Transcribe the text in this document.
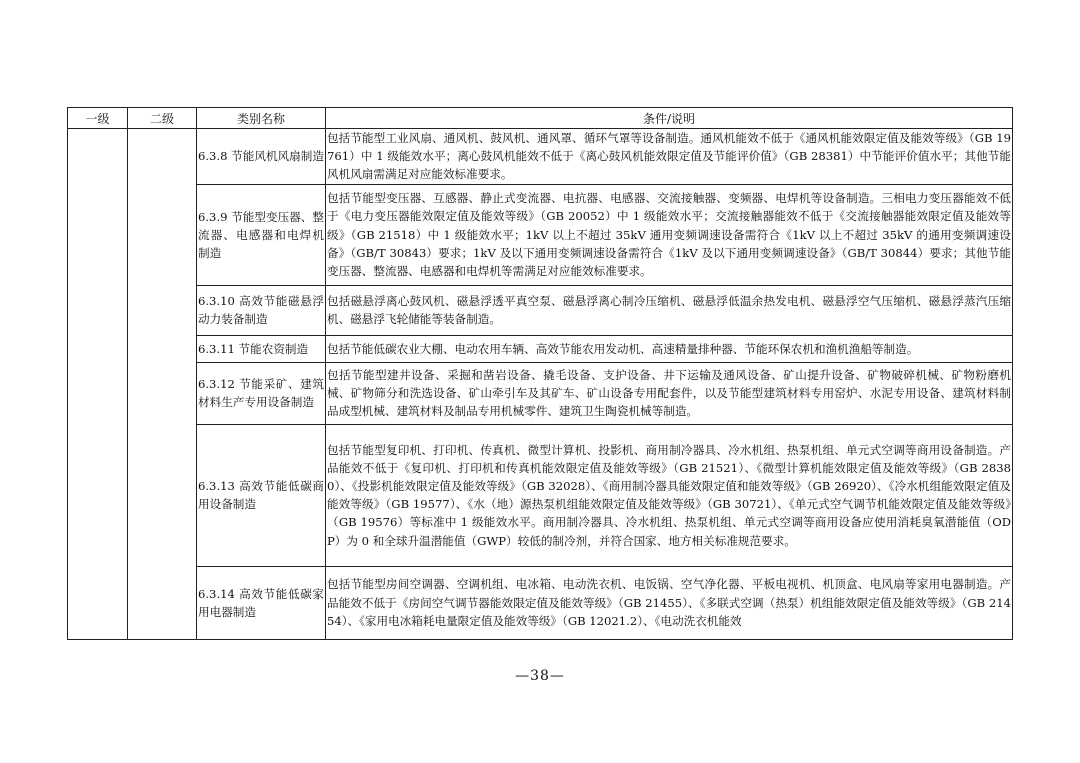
一级	二级	类别名称	条件/说明
		6.3.8 节能风机风扇制造	包括节能型工业风扇、通风机、鼓风机、通风罩、循环气罩等设备制造。通风机能效不低于《通风机能效限定值及能效等级》（GB 19761）中 1 级能效水平；离心鼓风机能效不低于《离心鼓风机能效限定值及节能评价值》（GB 28381）中节能评价值水平；其他节能风机风扇需满足对应能效标准要求。
		6.3.9 节能型变压器、整流器、电感器和电焊机制造	包括节能型变压器、互感器、静止式变流器、电抗器、电感器、交流接触器、变频器、电焊机等设备制造。三相电力变压器能效不低于《电力变压器能效限定值及能效等级》（GB 20052）中 1 级能效水平；交流接触器能效不低于《交流接触器能效限定值及能效等级》（GB 21518）中 1 级能效水平；1kV 以上不超过 35kV 通用变频调速设备需符合《1kV 以上不超过 35kV 的通用变频调速设备》（GB/T 30843）要求；1kV 及以下通用变频调速设备需符合《1kV 及以下通用变频调速设备》（GB/T 30844）要求；其他节能变压器、整流器、电感器和电焊机等需满足对应能效标准要求。
		6.3.10 高效节能磁悬浮动力装备制造	包括磁悬浮离心鼓风机、磁悬浮透平真空泵、磁悬浮离心制冷压缩机、磁悬浮低温余热发电机、磁悬浮空气压缩机、磁悬浮蒸汽压缩机、磁悬浮飞轮储能等装备制造。
		6.3.11 节能农资制造	包括节能低碳农业大棚、电动农用车辆、高效节能农用发动机、高速精量排种器、节能环保农机和渔机渔船等制造。
		6.3.12 节能采矿、建筑材料生产专用设备制造	包括节能型建井设备、采掘和凿岩设备、撬毛设备、支护设备、井下运输及通风设备、矿山提升设备、矿物破碎机械、矿物粉磨机械、矿物筛分和洗选设备、矿山牵引车及其矿车、矿山设备专用配套件，以及节能型建筑材料专用窑炉、水泥专用设备、建筑材料制品成型机械、建筑材料及制品专用机械零件、建筑卫生陶瓷机械等制造。
		6.3.13 高效节能低碳商用设备制造	包括节能型复印机、打印机、传真机、微型计算机、投影机、商用制冷器具、冷水机组、热泵机组、单元式空调等商用设备制造。产品能效不低于《复印机、打印机和传真机能效限定值及能效等级》（GB 21521）、《微型计算机能效限定值及能效等级》（GB 28380）、《投影机能效限定值及能效等级》（GB 32028）、《商用制冷器具能效限定值和能效等级》（GB 26920）、《冷水机组能效限定值及能效等级》（GB 19577）、《水（地）源热泵机组能效限定值及能效等级》（GB 30721）、《单元式空气调节机能效限定值及能效等级》（GB 19576）等标准中 1 级能效水平。商用制冷器具、冷水机组、热泵机组、单元式空调等商用设备应使用消耗臭氧潜能值（ODP）为 0 和全球升温潜能值（GWP）较低的制冷剂，并符合国家、地方相关标准规范要求。
		6.3.14 高效节能低碳家用电器制造	包括节能型房间空调器、空调机组、电冰箱、电动洗衣机、电饭锅、空气净化器、平板电视机、机顶盒、电风扇等家用电器制造。产品能效不低于《房间空气调节器能效限定值及能效等级》（GB 21455）、《多联式空调（热泵）机组能效限定值及能效等级》（GB 21454）、《家用电冰箱耗电量限定值及能效等级》（GB 12021.2）、《电动洗衣机能效
—38—
